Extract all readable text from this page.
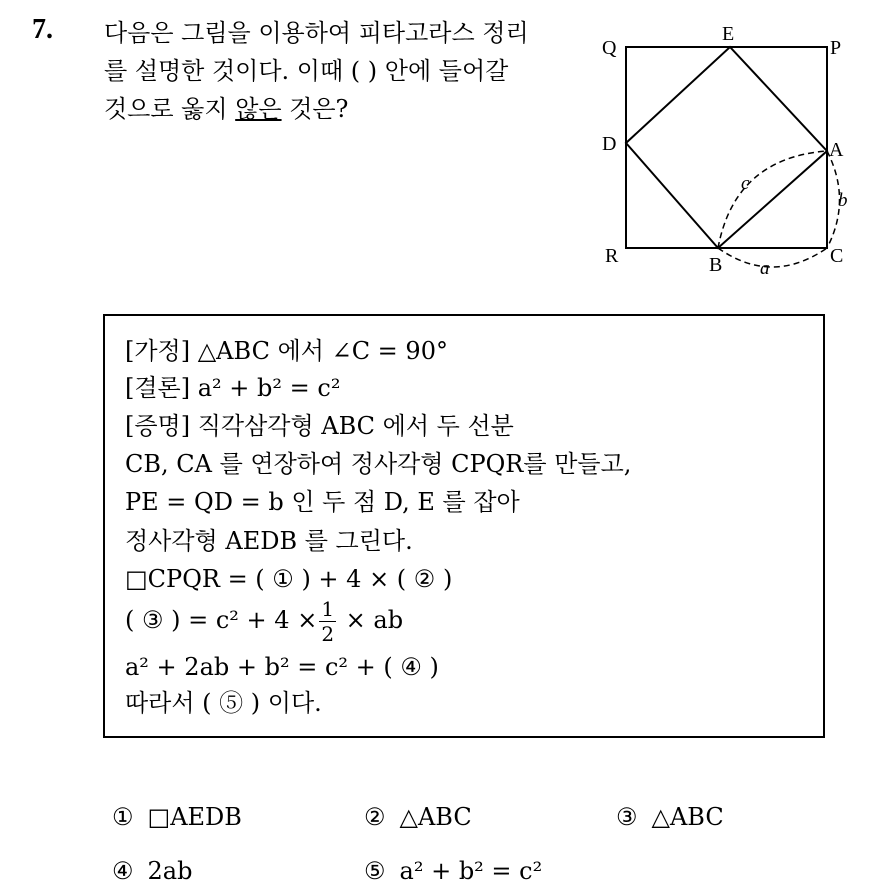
7. 다음은 그림을 이용하여 피타고라스 정리
를 설명한 것이다. 이때 ( ) 안에 들어갈
것으로 옳지 않은 것은?
Q
E
P
D	A
R	B	C
c
b
a
[가정] △ABC 에서 ∠C = 90°
[결론] a² + b² = c²
[증명] 직각삼각형 ABC 에서 두 선분
CB, CA 를 연장하여 정사각형 CPQR를 만들고,
PE = QD = b 인 두 점 D, E 를 잡아
정사각형 AEDB 를 그린다.
□CPQR = ( ① ) + 4 × ( ② )
( ③ ) = $c^2 + 4 \times \frac{1}{2}$ × ab
a² + 2ab + b² = c² + ( ④ )
따라서 ( ⑤ ) 이다.
① □AEDB	② △ABC	③ △ABC
④ 2ab	⑤ a² + b² = c²
